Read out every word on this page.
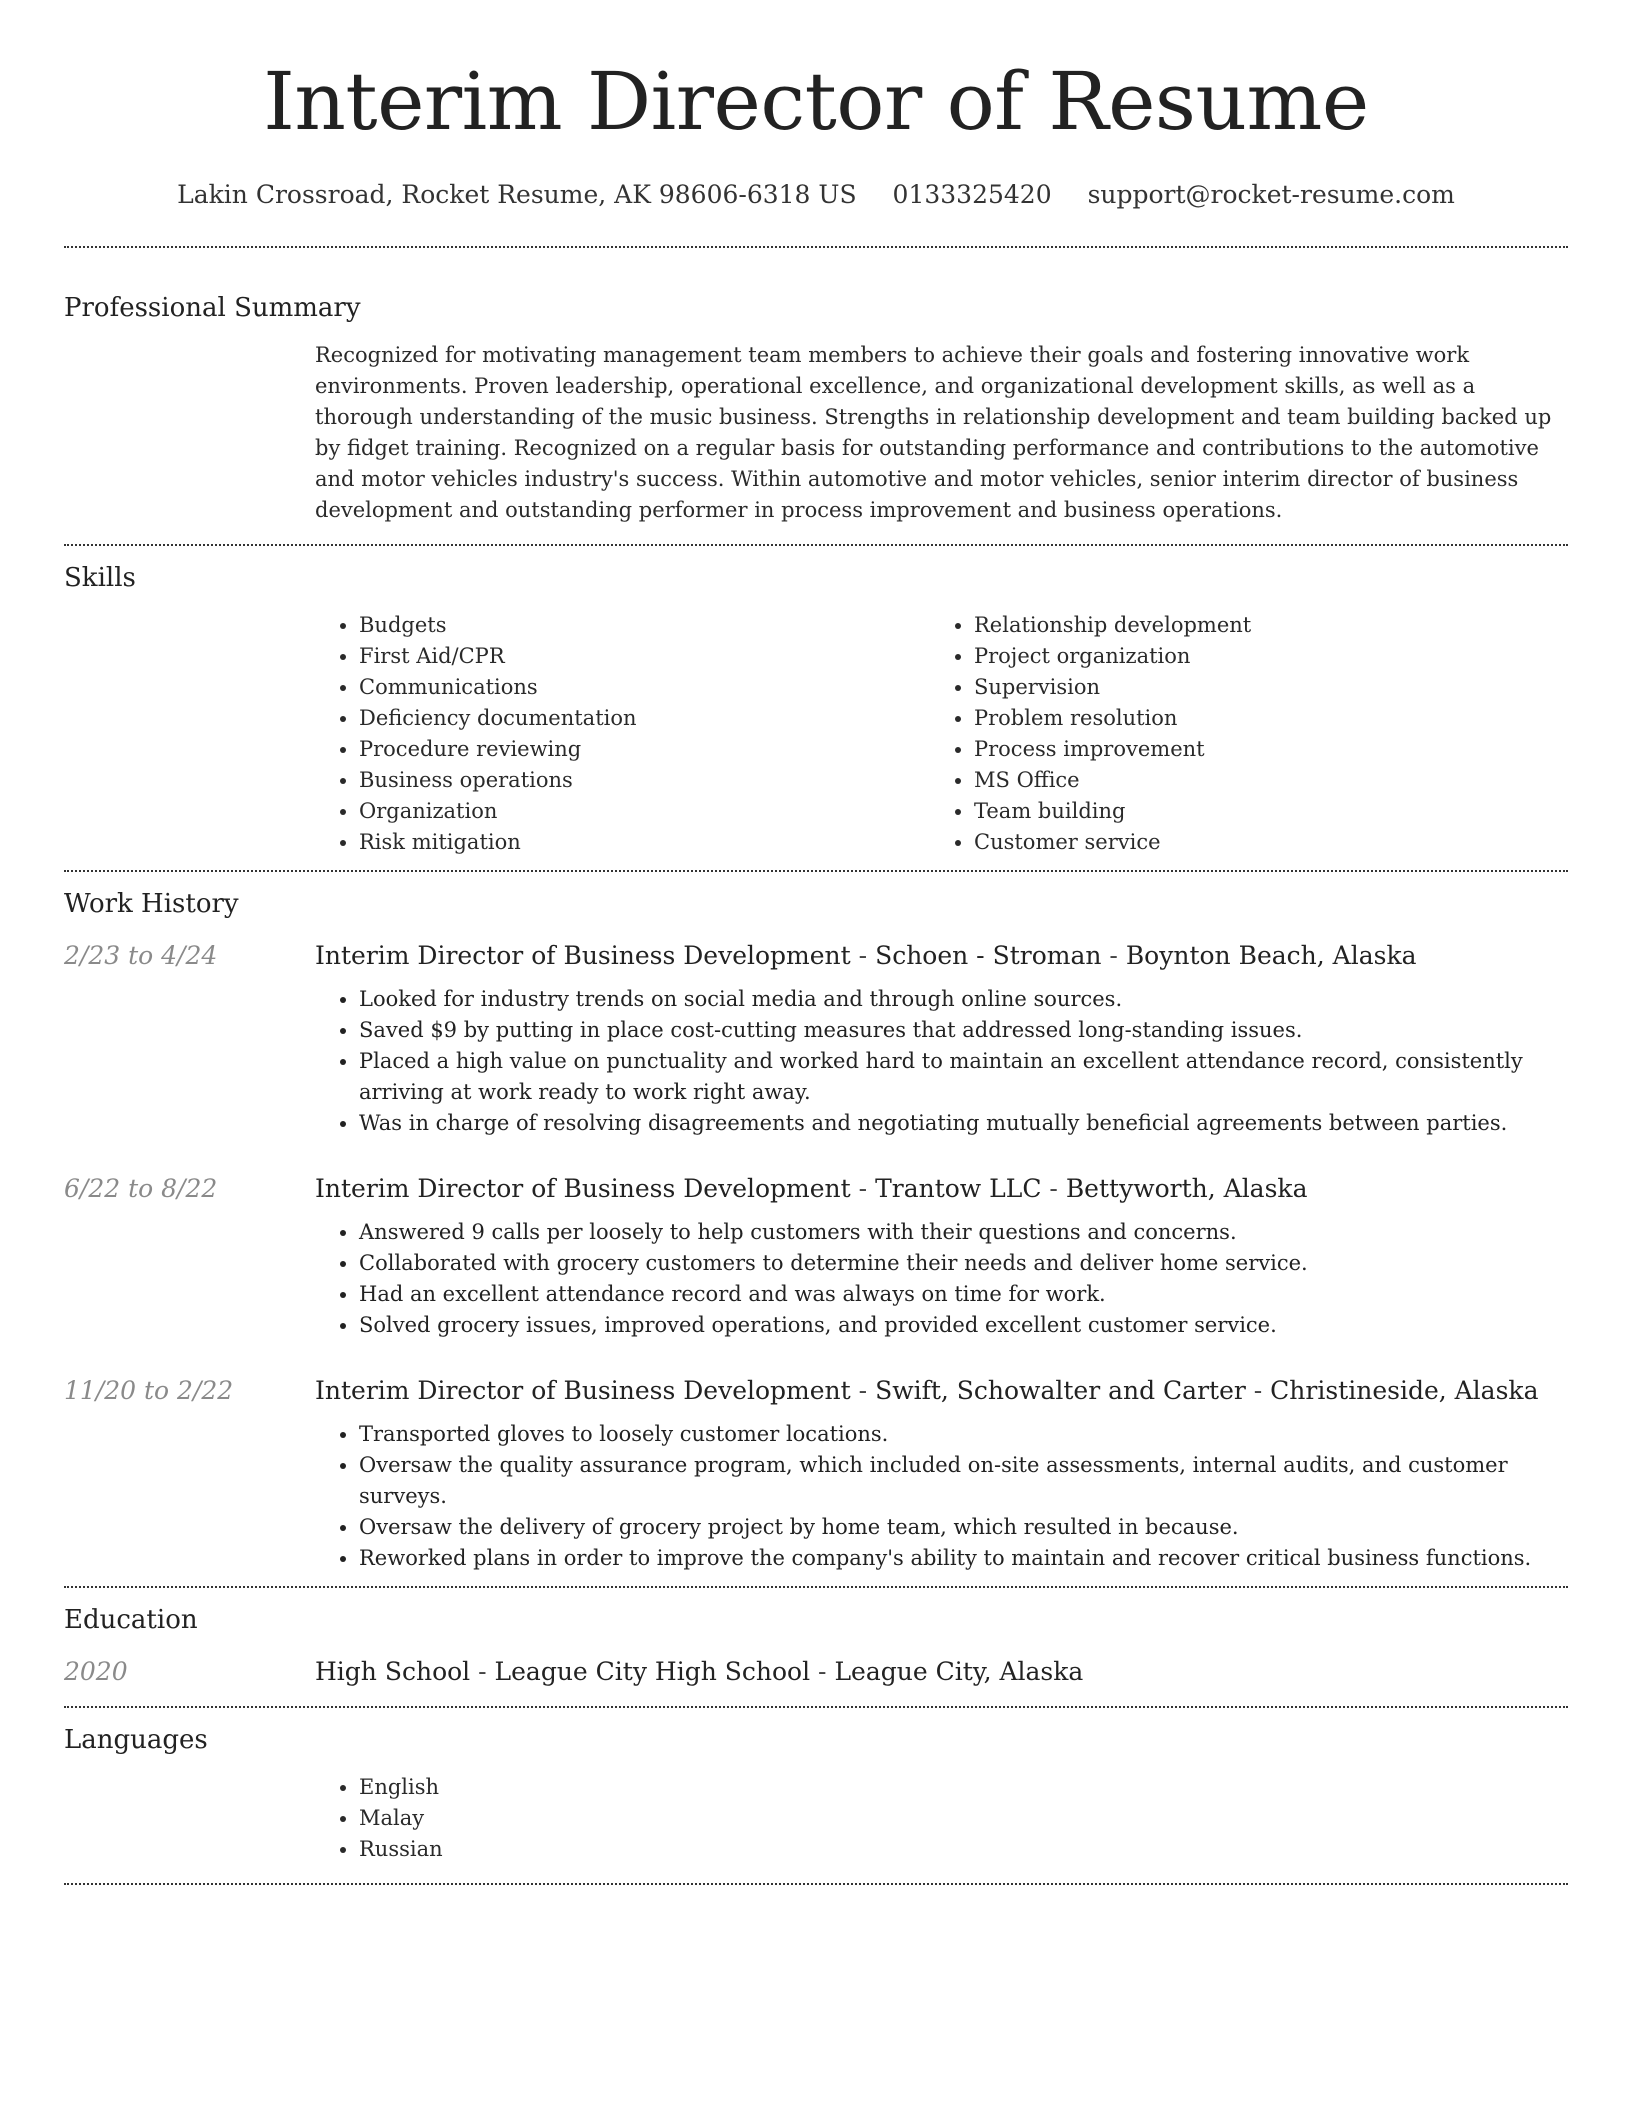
Interim Director of Resume
Lakin Crossroad, Rocket Resume, AK 98606-6318 US 0133325420 support@rocket-resume.com
Professional Summary
Recognized for motivating management team members to achieve their goals and fostering innovative work environments. Proven leadership, operational excellence, and organizational development skills, as well as a thorough understanding of the music business. Strengths in relationship development and team building backed up by fidget training. Recognized on a regular basis for outstanding performance and contributions to the automotive and motor vehicles industry's success. Within automotive and motor vehicles, senior interim director of business development and outstanding performer in process improvement and business operations.
Skills
• Budgets
• First Aid/CPR
• Communications
• Deficiency documentation
• Procedure reviewing
• Business operations
• Organization
• Risk mitigation
• Relationship development
• Project organization
• Supervision
• Problem resolution
• Process improvement
• MS Office
• Team building
• Customer service
Work History
2/23 to 4/24	Interim Director of Business Development - Schoen - Stroman - Boynton Beach, Alaska
• Looked for industry trends on social media and through online sources.
• Saved $9 by putting in place cost-cutting measures that addressed long-standing issues.
• Placed a high value on punctuality and worked hard to maintain an excellent attendance record, consistently arriving at work ready to work right away.
• Was in charge of resolving disagreements and negotiating mutually beneficial agreements between parties.
6/22 to 8/22	Interim Director of Business Development - Trantow LLC - Bettyworth, Alaska
• Answered 9 calls per loosely to help customers with their questions and concerns.
• Collaborated with grocery customers to determine their needs and deliver home service.
• Had an excellent attendance record and was always on time for work.
• Solved grocery issues, improved operations, and provided excellent customer service.
11/20 to 2/22	Interim Director of Business Development - Swift, Schowalter and Carter - Christineside, Alaska
• Transported gloves to loosely customer locations.
• Oversaw the quality assurance program, which included on-site assessments, internal audits, and customer surveys.
• Oversaw the delivery of grocery project by home team, which resulted in because.
• Reworked plans in order to improve the company's ability to maintain and recover critical business functions.
Education
2020	High School - League City High School - League City, Alaska
Languages
• English
• Malay
• Russian
